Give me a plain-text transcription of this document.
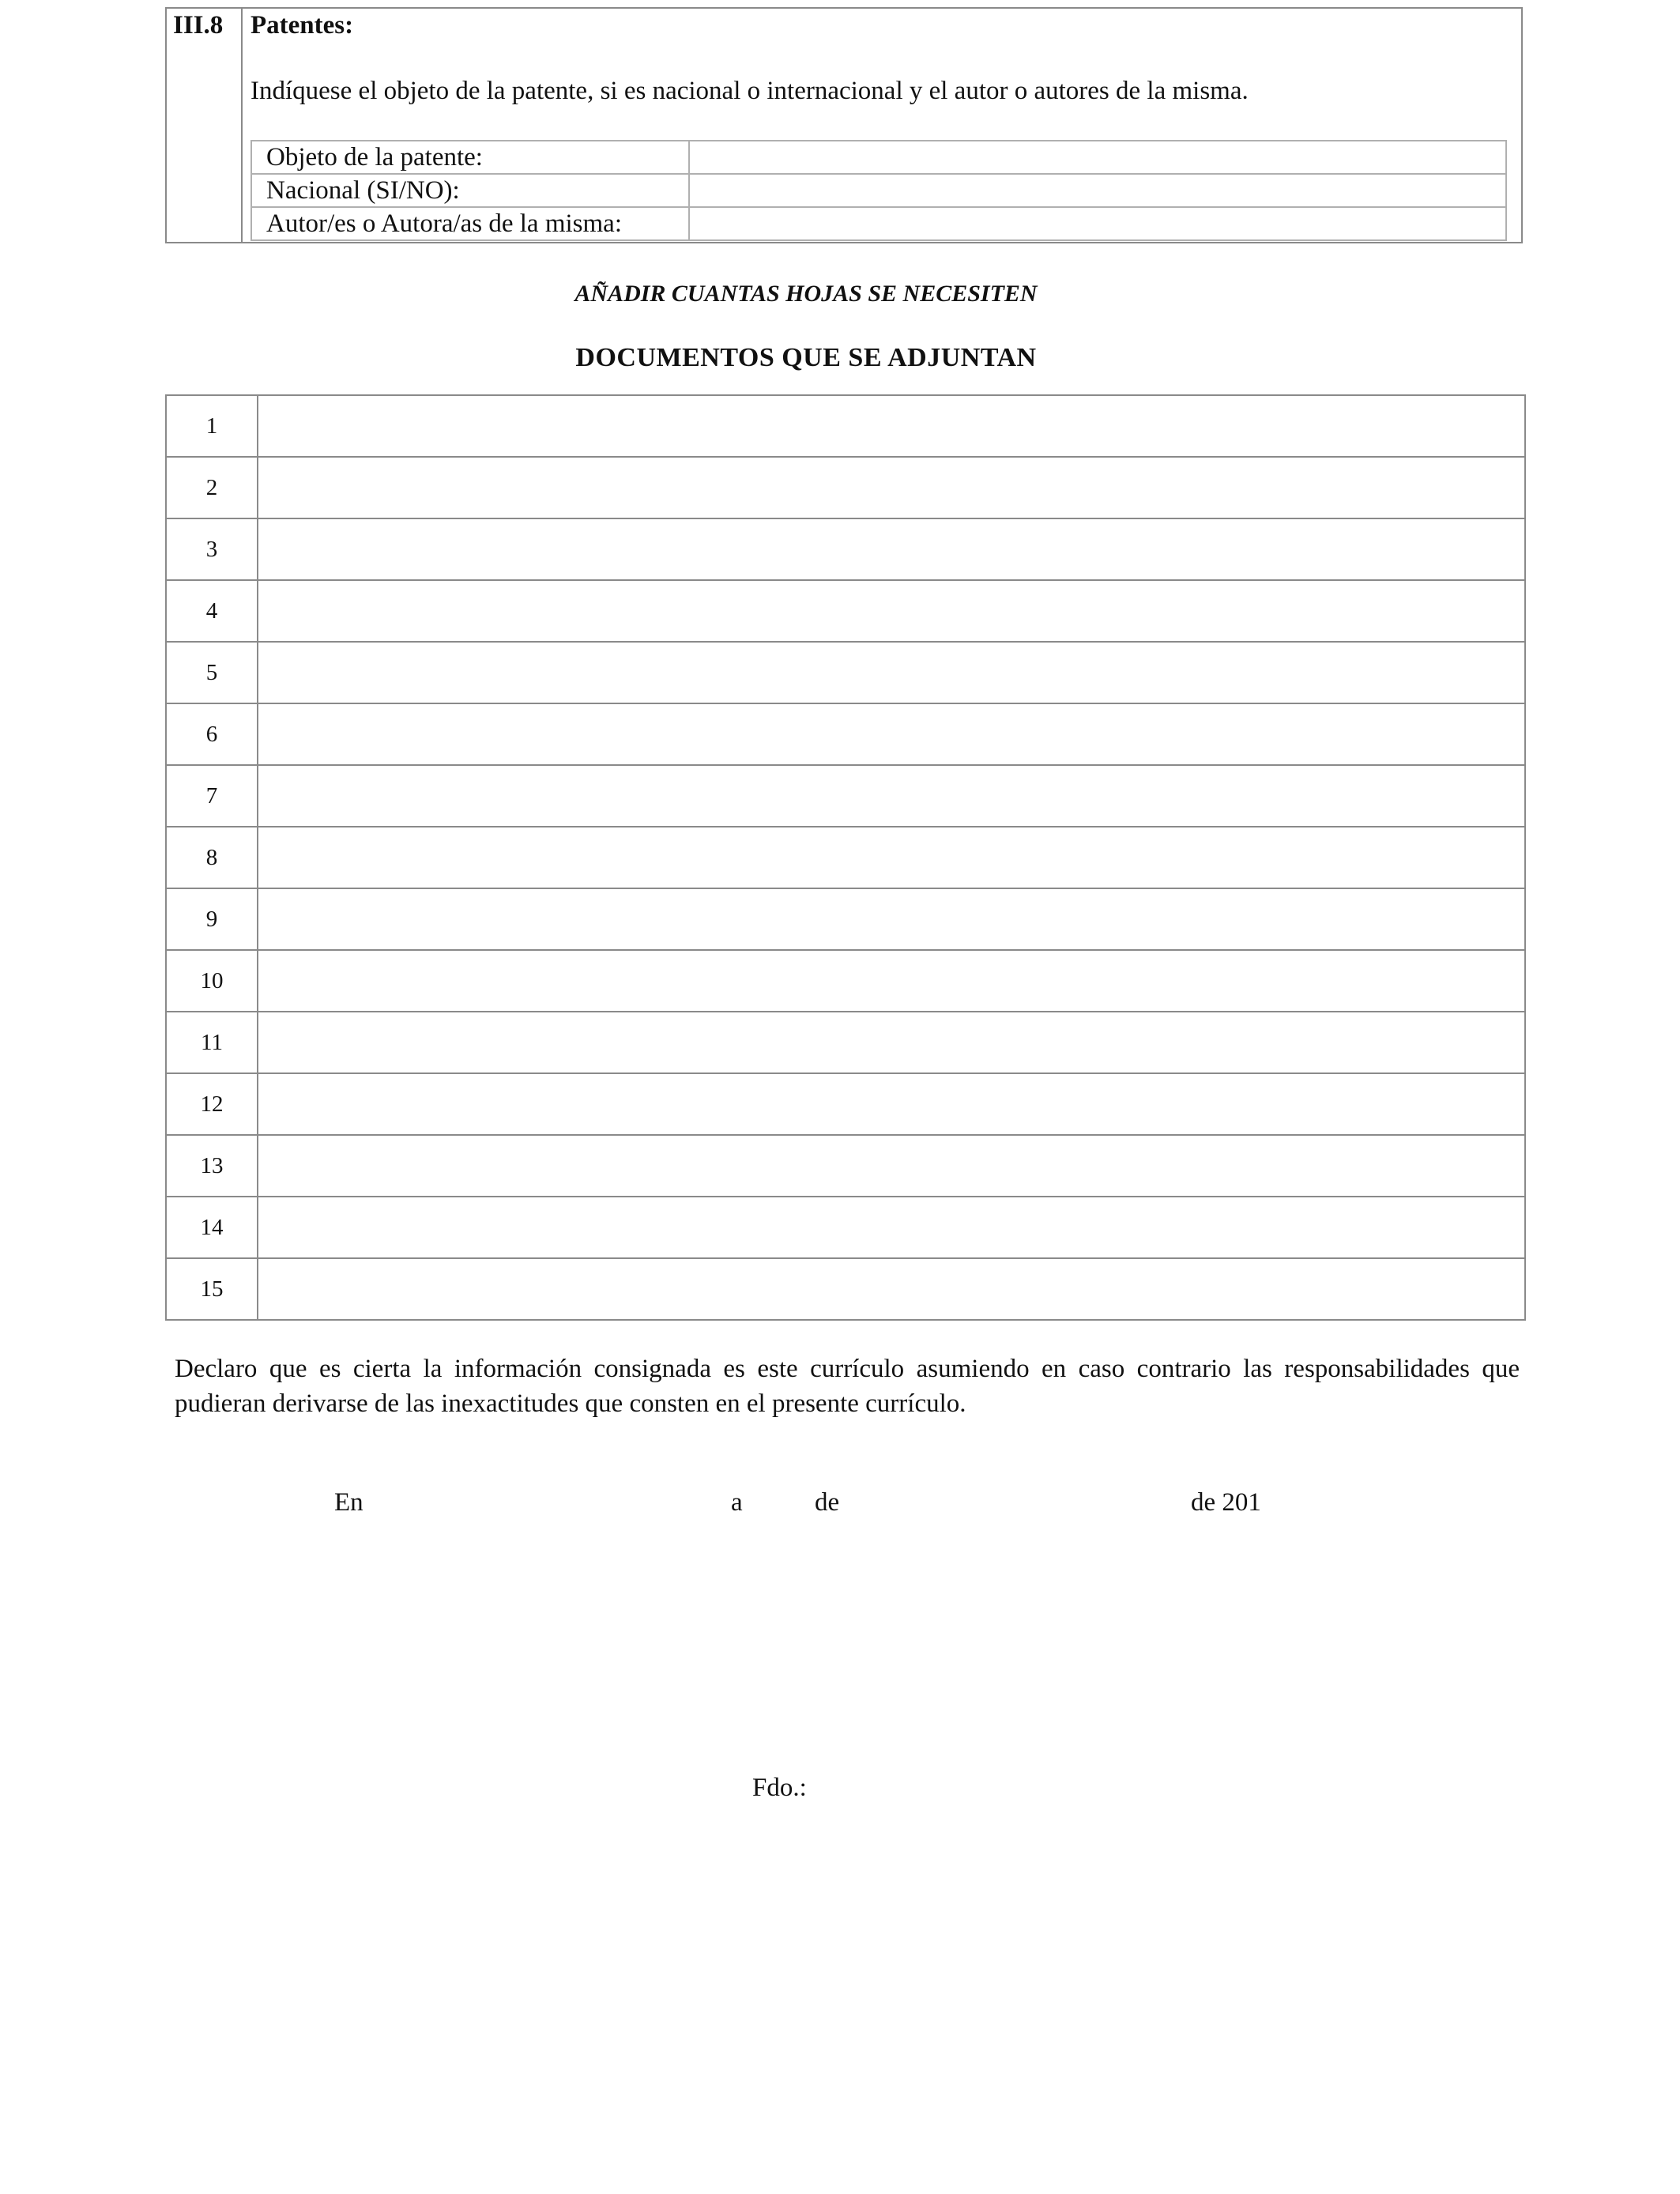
III.8 Patentes:
Indíquese el objeto de la patente, si es nacional o internacional y el autor o autores de la misma.
Objeto de la patente:	
Nacional (SI/NO):	
Autor/es o Autora/as de la misma:	
AÑADIR CUANTAS HOJAS SE NECESITEN
DOCUMENTOS QUE SE ADJUNTAN
1	
2	
3	
4	
5	
6	
7	
8	
9	
10	
11	
12	
13	
14	
15	
Declaro que es cierta la información consignada es este currículo asumiendo en caso contrario las responsabilidades que pudieran derivarse de las inexactitudes que consten en el presente currículo.
En	a	de	de 201
Fdo.:
